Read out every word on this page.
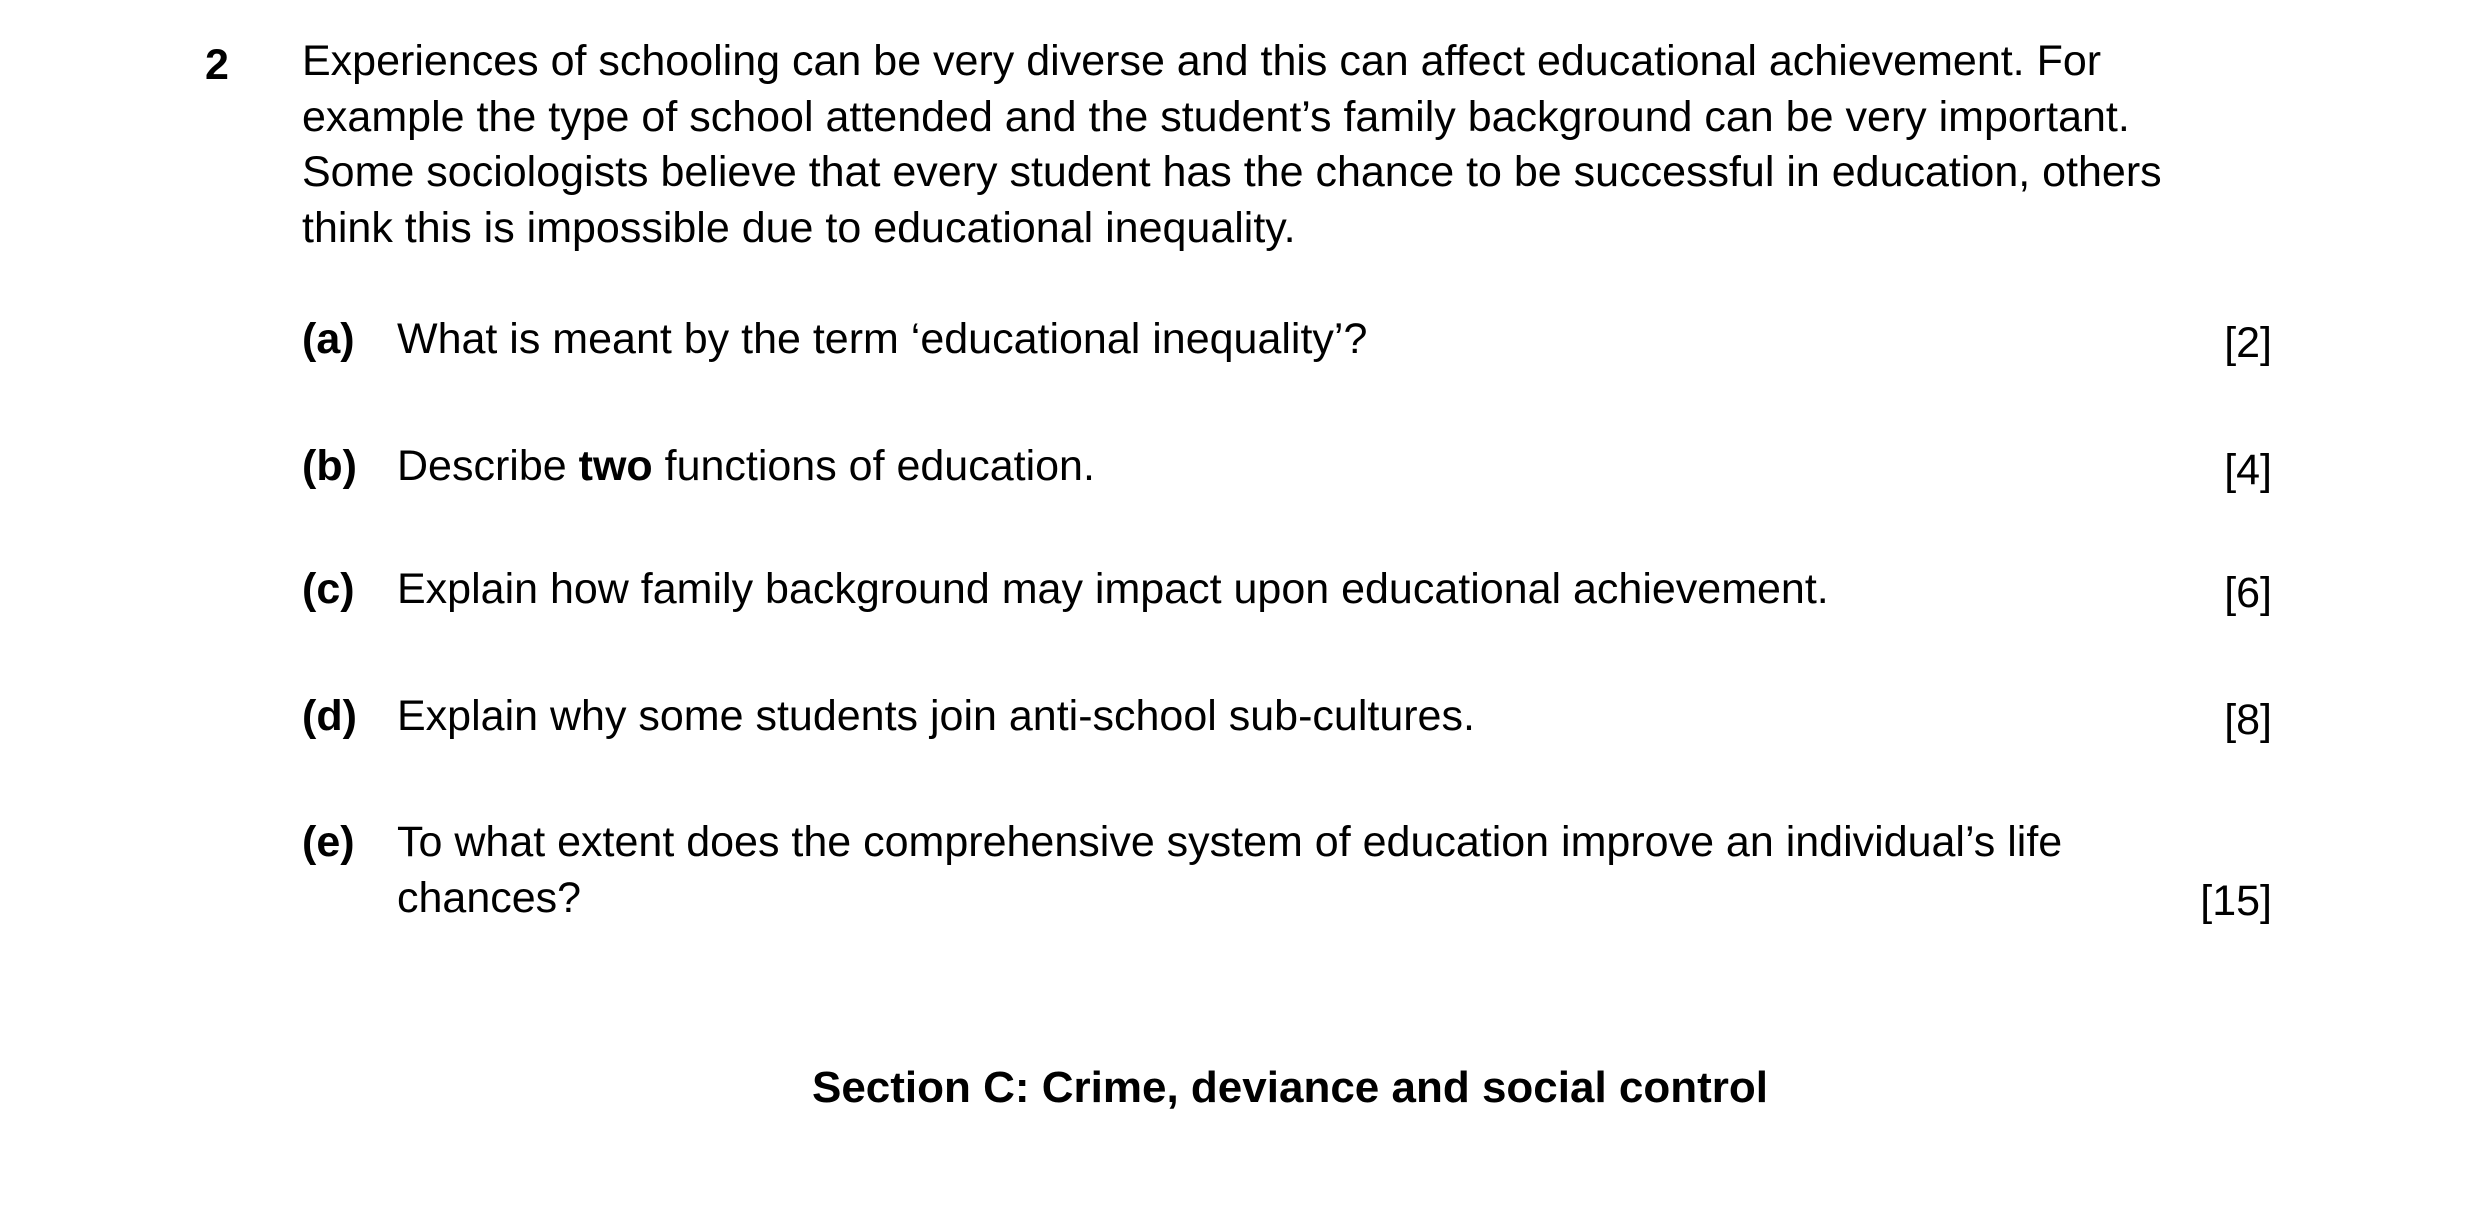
2 Experiences of schooling can be very diverse and this can affect educational achievement. For
example the type of school attended and the student’s family background can be very important.
Some sociologists believe that every student has the chance to be successful in education, others
think this is impossible due to educational inequality.
(a) What is meant by the term ‘educational inequality’?	[2]
(b) Describe two functions of education.	[4]
(c) Explain how family background may impact upon educational achievement.	[6]
(d) Explain why some students join anti-school sub-cultures.	[8]
(e) To what extent does the comprehensive system of education improve an individual’s life
chances?	[15]
Section C: Crime, deviance and social control
